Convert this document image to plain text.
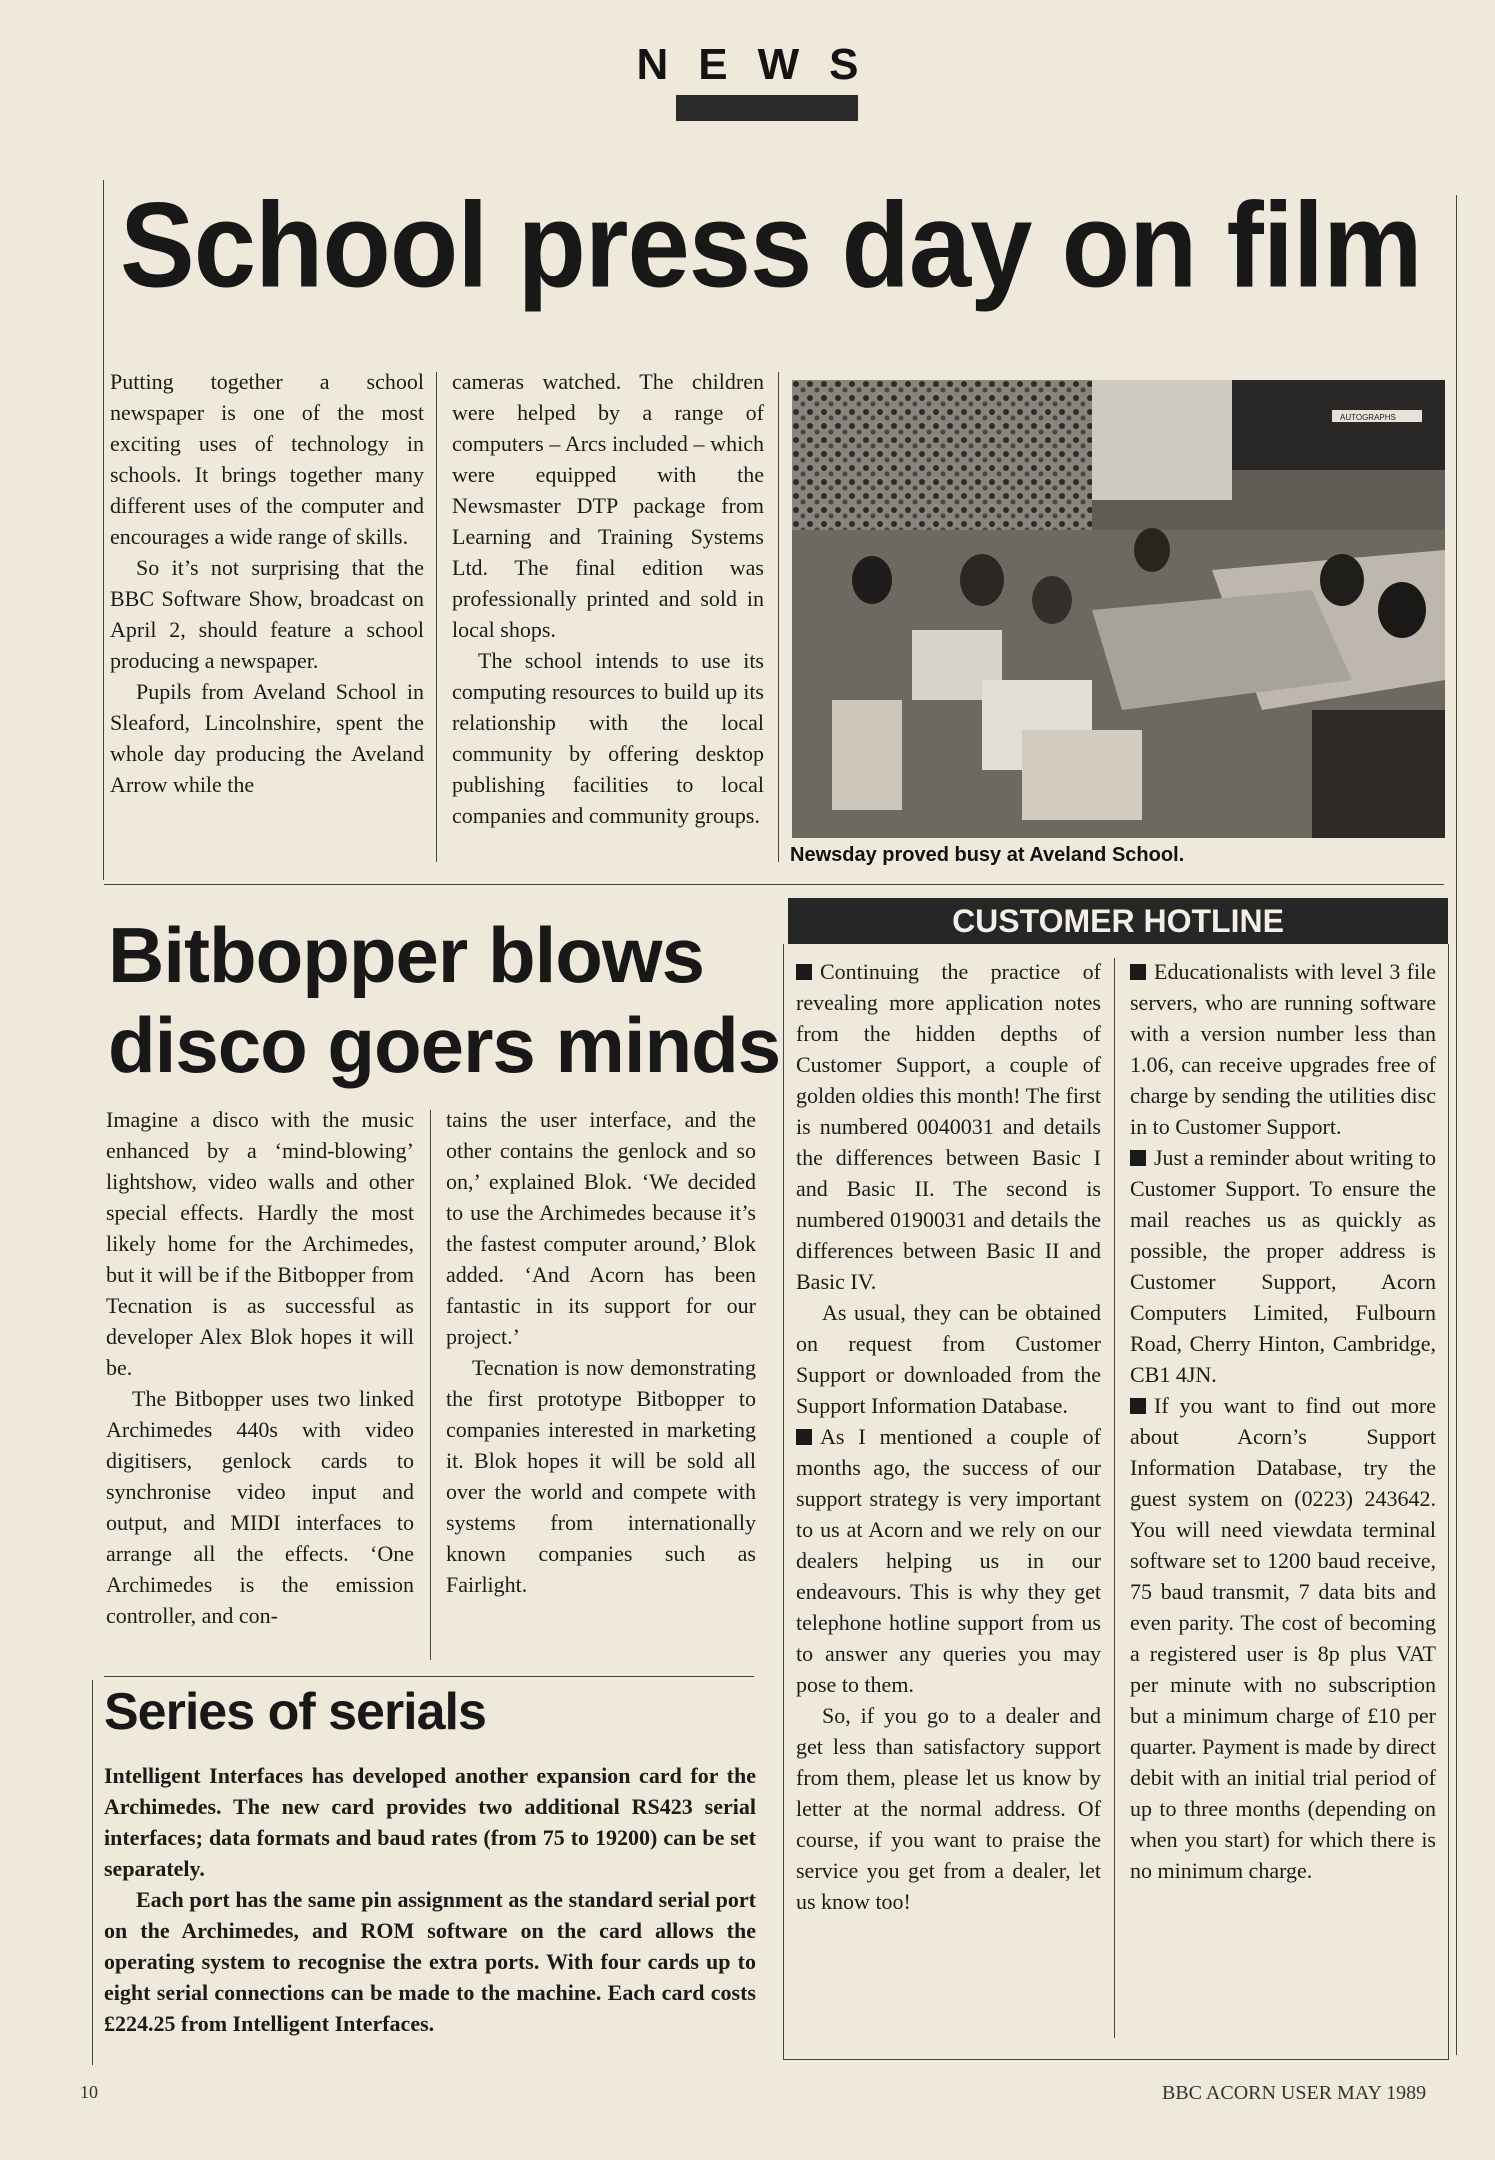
NEWS
School press day on film

Putting together a school newspaper is one of the most exciting uses of technology in schools. It brings together many different uses of the computer and encourages a wide range of skills.

So it’s not surprising that the BBC Software Show, broadcast on April 2, should feature a school producing a newspaper.

Pupils from Aveland School in Sleaford, Lincolnshire, spent the whole day producing the Aveland Arrow while the

cameras watched. The children were helped by a range of computers – Arcs included – which were equipped with the Newsmaster DTP package from Learning and Training Systems Ltd. The final edition was professionally printed and sold in local shops.

The school intends to use its computing resources to build up its relationship with the local community by offering desktop publishing facilities to local companies and community groups.

AUTOGRAPHS
Newsday proved busy at Aveland School.
Bitbopper blows
disco goers minds

Imagine a disco with the music enhanced by a ‘mind-blowing’ lightshow, video walls and other special effects. Hardly the most likely home for the Archimedes, but it will be if the Bitbopper from Tecnation is as successful as developer Alex Blok hopes it will be.

The Bitbopper uses two linked Archimedes 440s with video digitisers, genlock cards to synchronise video input and output, and MIDI interfaces to arrange all the effects. ‘One Archimedes is the emission controller, and con-

tains the user interface, and the other contains the genlock and so on,’ explained Blok. ‘We decided to use the Archimedes because it’s the fastest computer around,’ Blok added. ‘And Acorn has been fantastic in its support for our project.’

Tecnation is now demonstrating the first prototype Bitbopper to companies interested in marketing it. Blok hopes it will be sold all over the world and compete with systems from internationally known companies such as Fairlight.

Series of serials

Intelligent Interfaces has developed another expansion card for the Archimedes. The new card provides two additional RS423 serial interfaces; data formats and baud rates (from 75 to 19200) can be set separately.

Each port has the same pin assignment as the standard serial port on the Archimedes, and ROM software on the card allows the operating system to recognise the extra ports. With four cards up to eight serial connections can be made to the machine. Each card costs £224.25 from Intelligent Interfaces.

CUSTOMER HOTLINE

Continuing the practice of revealing more application notes from the hidden depths of Customer Support, a couple of golden oldies this month! The first is numbered 0040031 and details the differences between Basic I and Basic II. The second is numbered 0190031 and details the differences between Basic II and Basic IV.

As usual, they can be obtained on request from Customer Support or downloaded from the Support Information Database.

As I mentioned a couple of months ago, the success of our support strategy is very important to us at Acorn and we rely on our dealers helping us in our endeavours. This is why they get telephone hotline support from us to answer any queries you may pose to them.

So, if you go to a dealer and get less than satisfactory support from them, please let us know by letter at the normal address. Of course, if you want to praise the service you get from a dealer, let us know too!

Educationalists with level 3 file servers, who are running software with a version number less than 1.06, can receive upgrades free of charge by sending the utilities disc in to Customer Support.

Just a reminder about writing to Customer Support. To ensure the mail reaches us as quickly as possible, the proper address is Customer Support, Acorn Computers Limited, Fulbourn Road, Cherry Hinton, Cambridge, CB1 4JN.

If you want to find out more about Acorn’s Support Information Database, try the guest system on (0223) 243642. You will need viewdata terminal software set to 1200 baud receive, 75 baud transmit, 7 data bits and even parity. The cost of becoming a registered user is 8p plus VAT per minute with no subscription but a minimum charge of £10 per quarter. Payment is made by direct debit with an initial trial period of up to three months (depending on when you start) for which there is no minimum charge.

10	BBC ACORN USER MAY 1989
